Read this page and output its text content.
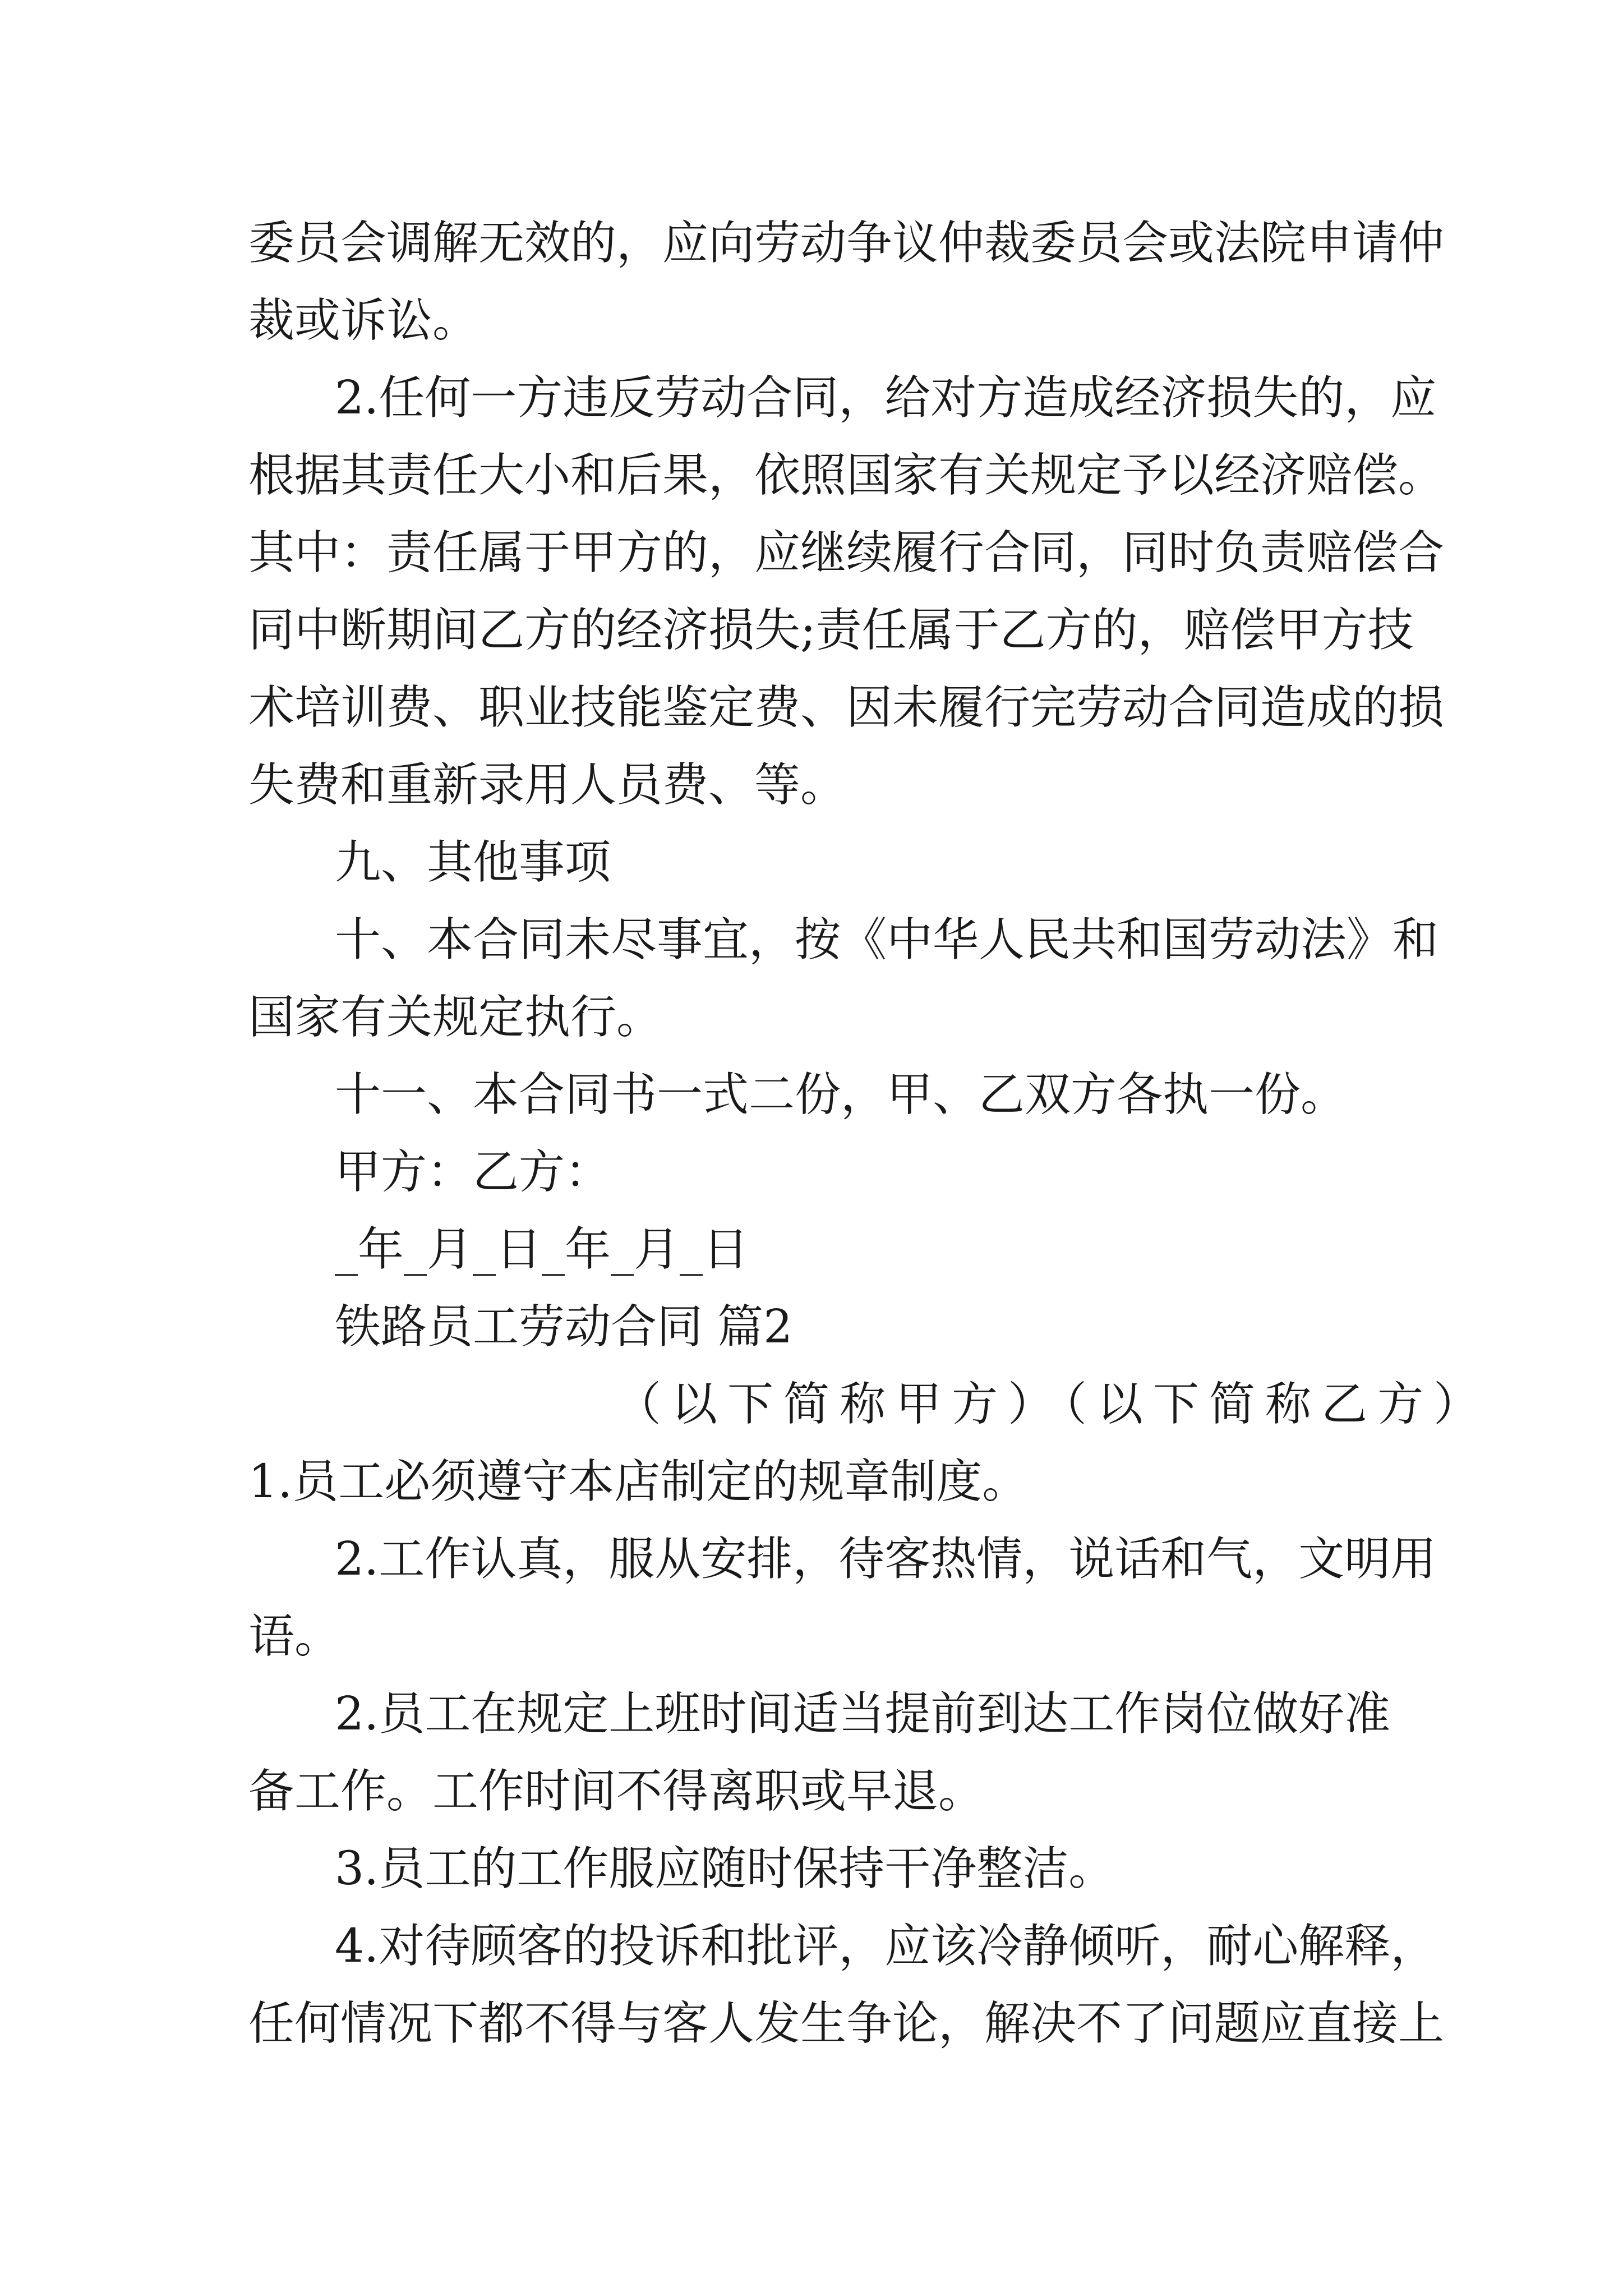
委员会调解无效的，应向劳动争议仲裁委员会或法院申请仲
裁或诉讼。
2.任何一方违反劳动合同，给对方造成经济损失的，应
根据其责任大小和后果，依照国家有关规定予以经济赔偿。
其中：责任属于甲方的，应继续履行合同，同时负责赔偿合
同中断期间乙方的经济损失;责任属于乙方的，赔偿甲方技
术培训费、职业技能鉴定费、因未履行完劳动合同造成的损
失费和重新录用人员费、等。
九、其他事项
十、本合同未尽事宜，按《中华人民共和国劳动法》和
国家有关规定执行。
十一、本合同书一式二份，甲、乙双方各执一份。
甲方：乙方：
_年_月_日_年_月_日
铁路员工劳动合同 篇2
（以下简称甲方）（以下简称乙方）
1.员工必须遵守本店制定的规章制度。
2.工作认真，服从安排，待客热情，说话和气，文明用
语。
2.员工在规定上班时间适当提前到达工作岗位做好准
备工作。工作时间不得离职或早退。
3.员工的工作服应随时保持干净整洁。
4.对待顾客的投诉和批评，应该冷静倾听，耐心解释，
任何情况下都不得与客人发生争论，解决不了问题应直接上
